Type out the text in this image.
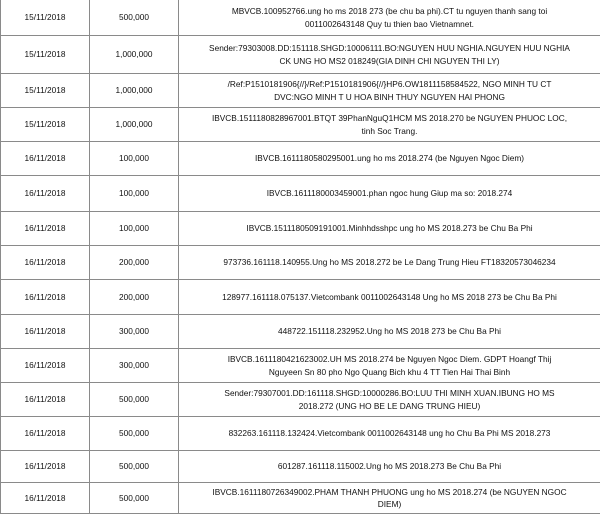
15/11/2018	500,000	MBVCB.100952766.ung ho ms 2018 273 (be chu ba phi).CT tu nguyen thanh sang toi
0011002643148 Quy tu thien bao Vietnamnet.

15/11/2018	1,000,000	Sender:79303008.DD:151118.SHGD:10006111.BO:NGUYEN HUU NGHIA.NGUYEN HUU NGHIA
CK UNG HO MS2 018249(GIA DINH CHI NGUYEN THI LY)

15/11/2018	1,000,000	/Ref:P1510181906{//}/Ref:P1510181906{//}HP6.OW1811158584522, NGO MINH TU CT
DVC:NGO MINH T U HOA BINH THUY NGUYEN HAI PHONG

15/11/2018	1,000,000	IBVCB.1511180828967001.BTQT 39PhanNguQ1HCM MS 2018.270 be NGUYEN PHUOC LOC,
tinh Soc Trang.

16/11/2018	100,000	IBVCB.1611180580295001.ung ho ms 2018.274 (be Nguyen Ngoc Diem)

16/11/2018	100,000	IBVCB.1611180003459001.phan ngoc hung Giup ma so: 2018.274

16/11/2018	100,000	IBVCB.1511180509191001.Minhhdsshpc ung ho MS 2018.273 be Chu Ba Phi

16/11/2018	200,000	973736.161118.140955.Ung ho MS 2018.272 be Le Dang Trung Hieu FT18320573046234

16/11/2018	200,000	128977.161118.075137.Vietcombank 0011002643148 Ung ho MS 2018 273 be Chu Ba Phi

16/11/2018	300,000	448722.151118.232952.Ung ho MS 2018 273 be Chu Ba Phi

16/11/2018	300,000	IBVCB.1611180421623002.UH MS 2018.274 be Nguyen Ngoc Diem. GDPT Hoangf Thij
Nguyeen Sn 80 pho Ngo Quang Bich khu 4 TT Tien Hai Thai Binh

16/11/2018	500,000	Sender:79307001.DD:161118.SHGD:10000286.BO:LUU THI MINH XUAN.IBUNG HO MS
2018.272 (UNG HO BE LE DANG TRUNG HIEU)

16/11/2018	500,000	832263.161118.132424.Vietcombank 0011002643148 ung ho Chu Ba Phi MS 2018.273

16/11/2018	500,000	601287.161118.115002.Ung ho MS 2018.273 Be Chu Ba Phi

16/11/2018	500,000	IBVCB.1611180726349002.PHAM THANH PHUONG ung ho MS 2018.274 (be NGUYEN NGOC
DIEM)
